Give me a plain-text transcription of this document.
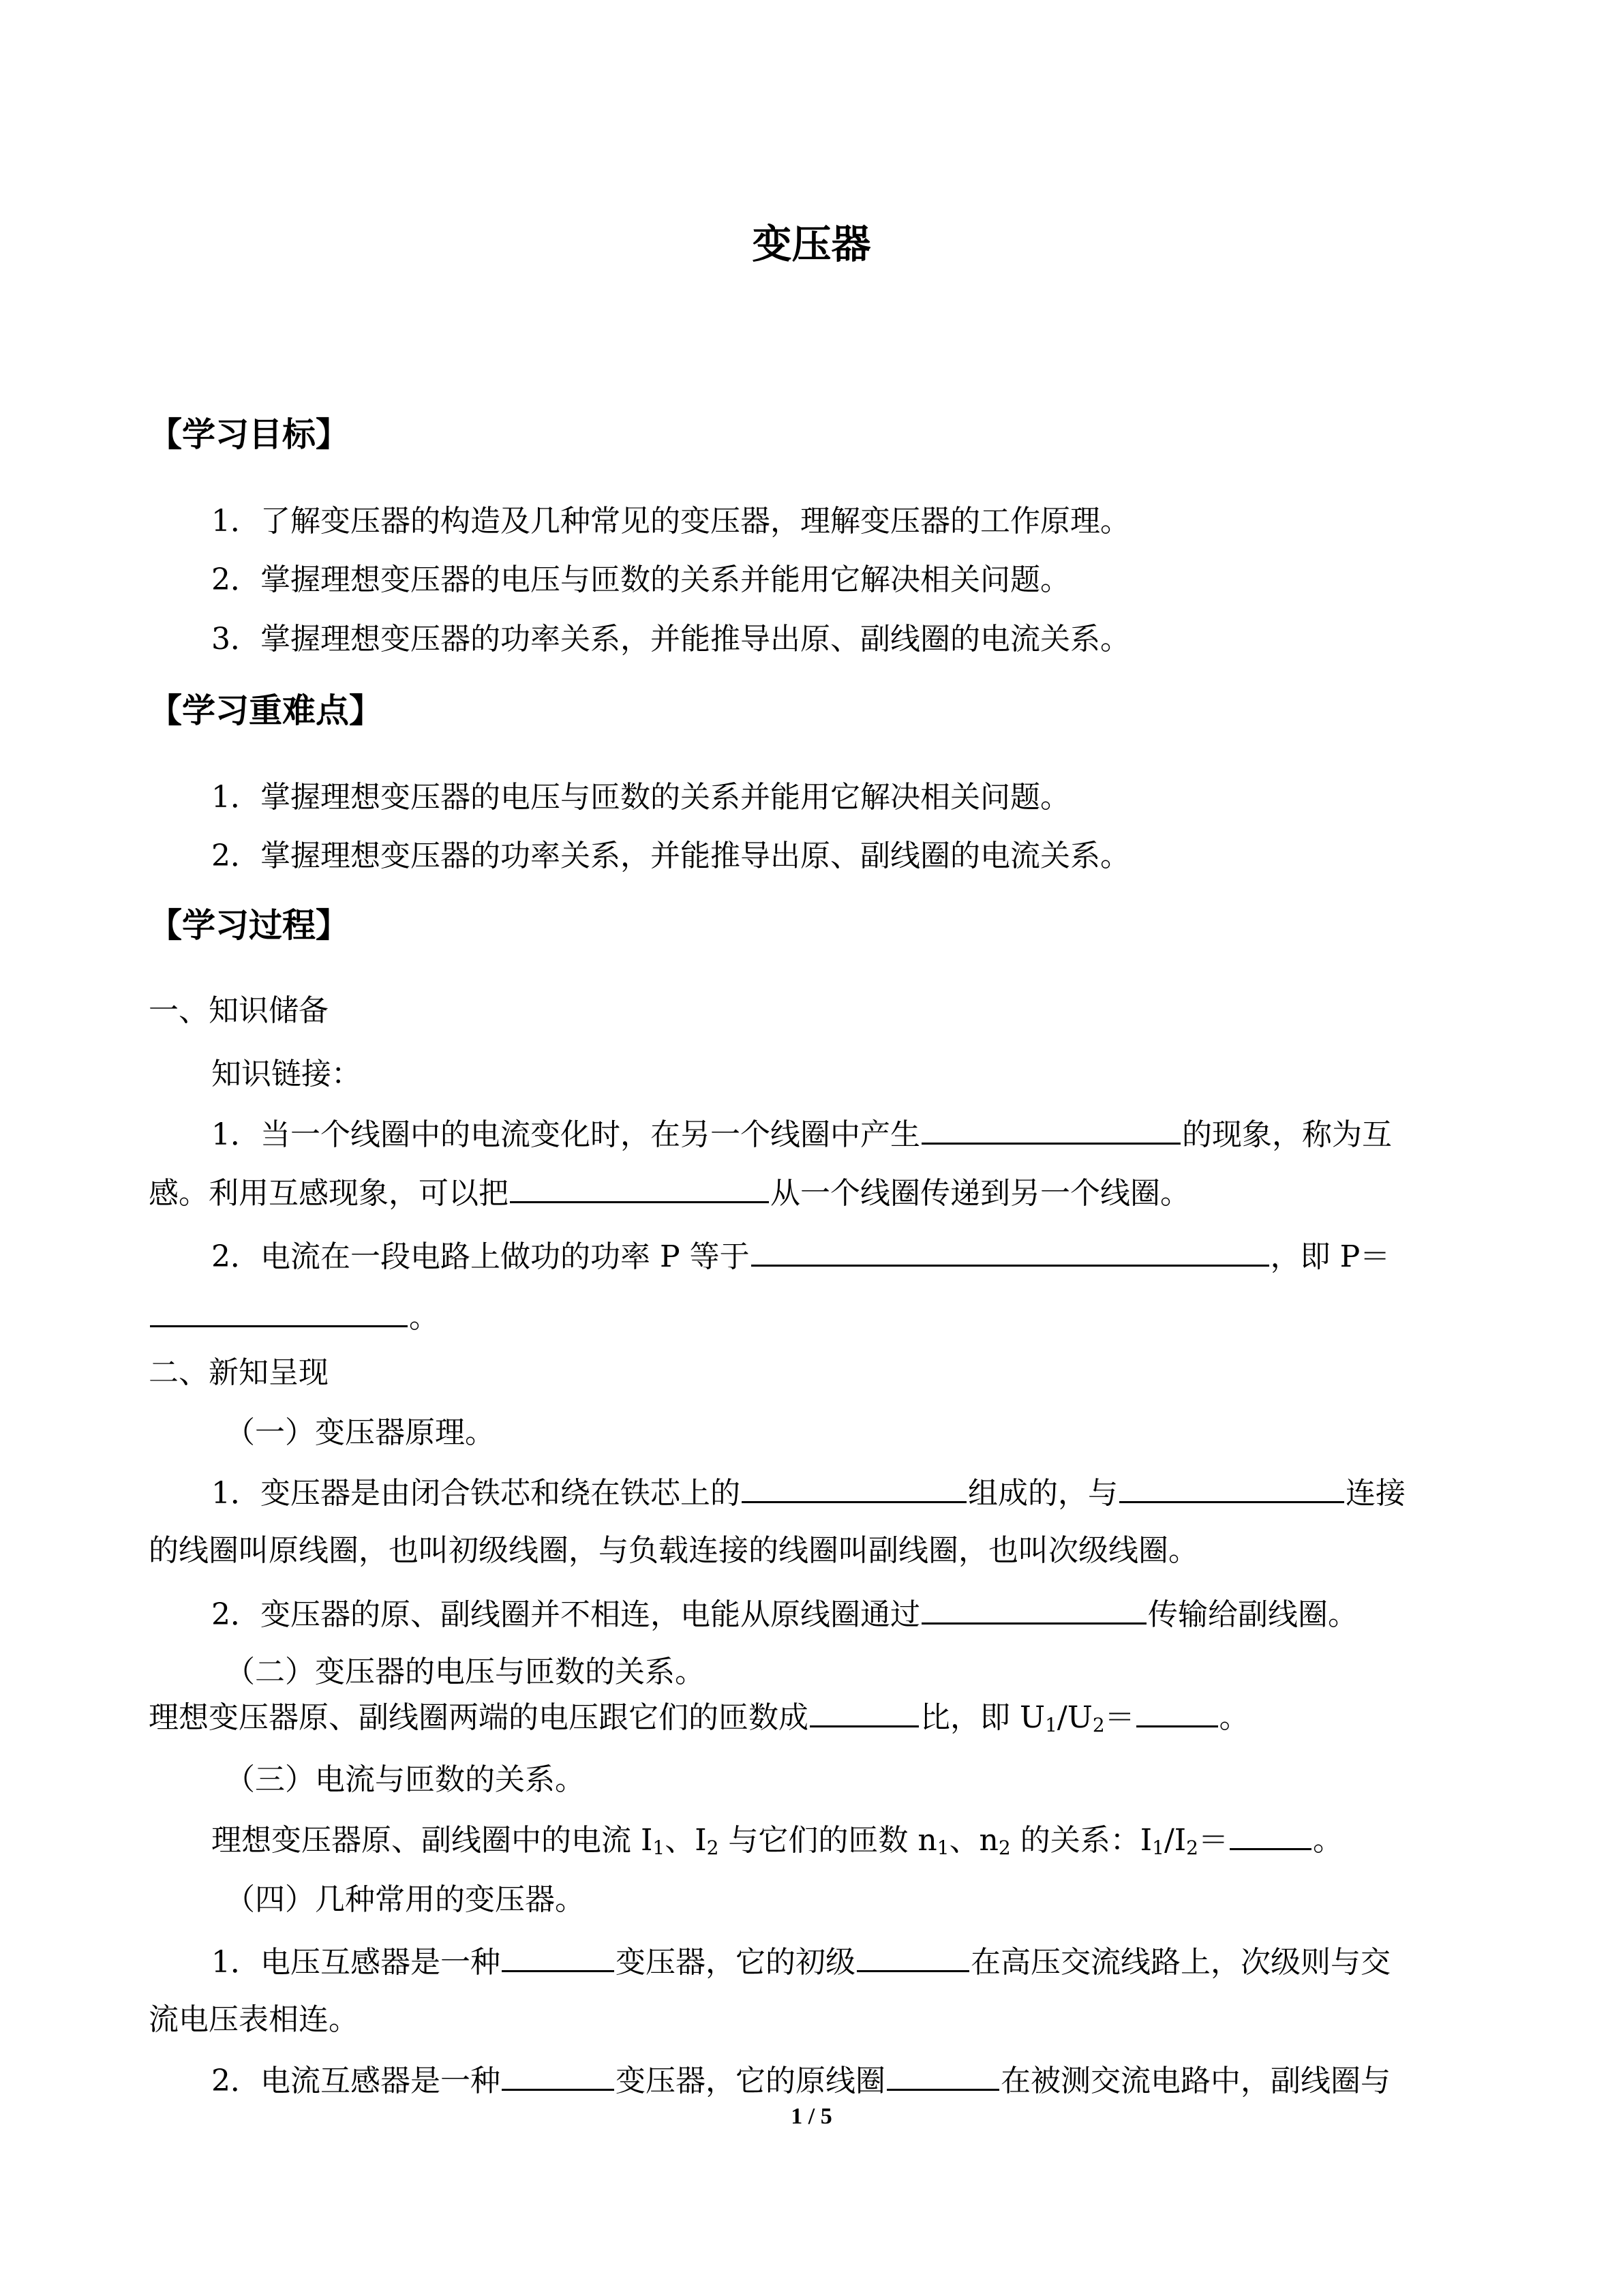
变压器
【学习目标】
1．了解变压器的构造及几种常见的变压器，理解变压器的工作原理。
2．掌握理想变压器的电压与匝数的关系并能用它解决相关问题。
3．掌握理想变压器的功率关系，并能推导出原、副线圈的电流关系。
【学习重难点】
1．掌握理想变压器的电压与匝数的关系并能用它解决相关问题。
2．掌握理想变压器的功率关系，并能推导出原、副线圈的电流关系。
【学习过程】
一、知识储备
知识链接：
1．当一个线圈中的电流变化时，在另一个线圈中产生	的现象，称为互
感。利用互感现象，可以把	从一个线圈传递到另一个线圈。
2．电流在一段电路上做功的功率 P 等于	，即 P＝
。
二、新知呈现
（一）变压器原理。
1．变压器是由闭合铁芯和绕在铁芯上的	组成的，与	连接
的线圈叫原线圈，也叫初级线圈，与负载连接的线圈叫副线圈，也叫次级线圈。
2．变压器的原、副线圈并不相连，电能从原线圈通过	传输给副线圈。
（二）变压器的电压与匝数的关系。
理想变压器原、副线圈两端的电压跟它们的匝数成	比，即 $U_1/U_2=$	。
（三）电流与匝数的关系。
理想变压器原、副线圈中的电流 $I_1$、$I_2$ 与它们的匝数 $n_1$、$n_2$ 的关系：$I_1/I_2=$	。
（四）几种常用的变压器。
1．电压互感器是一种	变压器，它的初级	在高压交流线路上，次级则与交
流电压表相连。
2．电流互感器是一种	变压器，它的原线圈	在被测交流电路中，副线圈与
1 / 5
